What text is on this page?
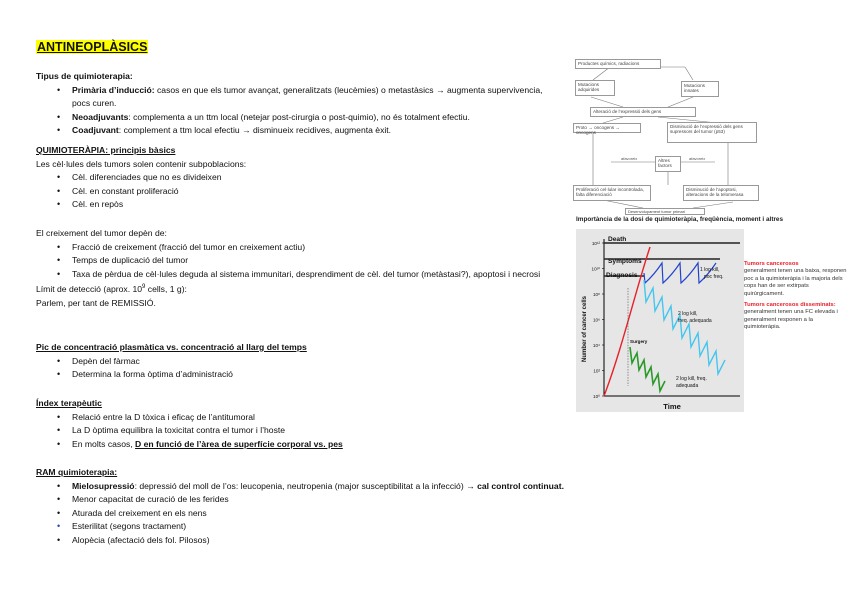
ANTINEOPLÀSICS
Tipus de quimioterapia:
• Primària d’inducció: casos en que els tumor avançat, generalitzats (leucèmies) o metastàsics → augmenta supervivencia, pocs curen.
• Neoadjuvants: complementa a un ttm local (netejar post-cirurgia o post-quimio), no és totalment efectiu.
• Coadjuvant: complement a ttm local efectiu → disminueix recidives, augmenta èxit.
QUIMIOTERÀPIA: principis bàsics
Les cèl·lules dels tumors solen contenir subpoblacions:
• Cèl. diferenciades que no es divideixen
• Cèl. en constant proliferació
• Cèl. en repòs
El creixement del tumor depèn de:
• Fracció de creixement (fracció del tumor en creixement actiu)
• Temps de duplicació del tumor
• Taxa de pèrdua de cèl·lules deguda al sistema immunitari, desprendiment de cèl. del tumor (metàstasi?), apoptosi i necrosi
Límit de detecció (aprox. $10^9$ cells, 1 g):
Parlem, per tant de REMISSIÓ.
Pic de concentració plasmàtica vs. concentració al llarg del temps
• Depèn del fàrmac
• Determina la forma òptima d’administració
Índex terapèutic
• Relació entre la D tòxica i eficaç de l’antitumoral
• La D òptima equilibra la toxicitat contra el tumor i l’hoste
• En molts casos, D en funció de l’àrea de superfície corporal vs. pes
RAM quimioterapia:
• Mielosupressió: depressió del moll de l’os: leucopenia, neutropenia (major susceptibilitat a la infecció) → cal control continuat.
• Menor capacitat de curació de les ferides
• Aturada del creixement en els nens
• Esterilitat (segons tractament)
• Alopècia (afectació dels fol. Pilosos)
Productes químics, radiacions
Mutacions adquirides
Mutacions innates
Alteració de l’expressió dels gens
Proto → oncogens → oncogens
Disminució de l’expressió dels gens supressors del tumor (p53)
Altres factors
afavoreix	afavoreix
Proliferació cel·lular incontrolada, falta diferenciació
Disminució de l’apoptosi, alteracions de la telomerasa
Desenvolupament tumor primari
Importància de la dosi de quimioteràpia, freqüència, moment i altres
10¹²
10¹⁰
10⁸
10⁶
10⁴
10²
10⁰
Death
Symptoms
Diagnosis
Surgery
1 log kill,
poc freq.
2 log kill,
freq. adequada
2 log kill, freq.
adequada
Number of cancer cells
Time
Tumors cancerosos
generalment tenen una baixa, responen poc a la quimioteràpia i la majoria dels cops han de ser extirpats quirúrgicament.
Tumors cancerosos disseminats:
generalment tenen una FC elevada i generalment responen a la quimioteràpia.
